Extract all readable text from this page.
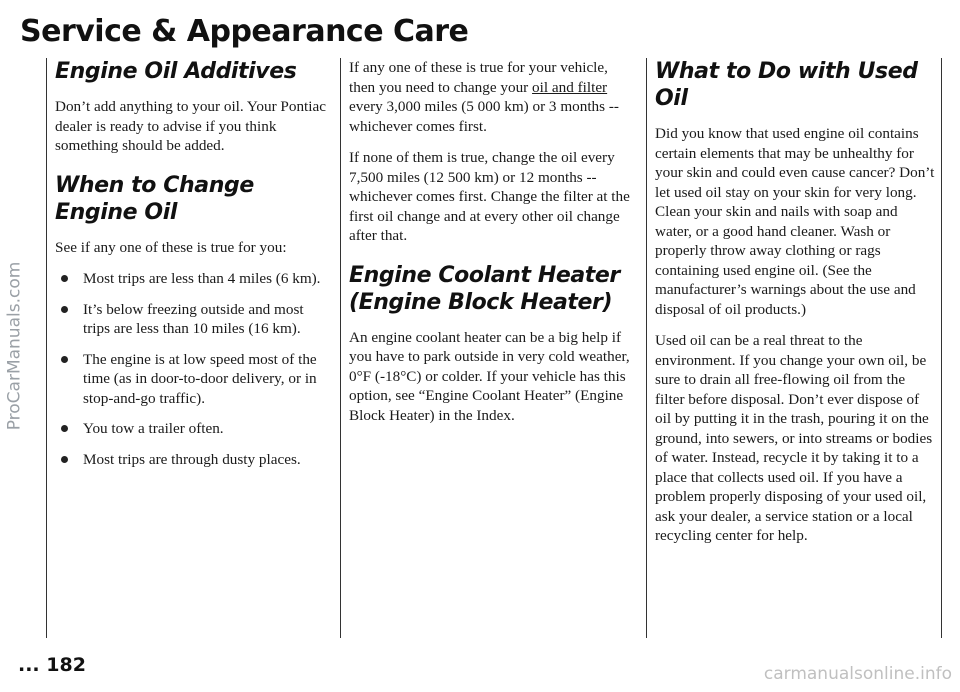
ProCarManuals.com
Service & Appearance Care
Engine Oil Additives

Don’t add anything to your oil. Your Pontiac dealer is ready to advise if you think something should be added.

When to Change Engine Oil

See if any one of these is true for you:

Most trips are less than 4 miles (6 km).
It’s below freezing outside and most trips are less than 10 miles (16 km).
The engine is at low speed most of the time (as in door-to-door delivery, or in stop-and-go traffic).
You tow a trailer often.
Most trips are through dusty places.

If any one of these is true for your vehicle, then you need to change your oil and filter every 3,000 miles (5 000 km) or 3 months -- whichever comes first.

If none of them is true, change the oil every 7,500 miles (12 500 km) or 12 months -- whichever comes first. Change the filter at the first oil change and at every other oil change after that.

Engine Coolant Heater (Engine Block Heater)

An engine coolant heater can be a big help if you have to park outside in very cold weather, 0°F (-18°C) or colder. If your vehicle has this option, see “Engine Coolant Heater” (Engine Block Heater) in the Index.

What to Do with Used Oil

Did you know that used engine oil contains certain elements that may be unhealthy for your skin and could even cause cancer? Don’t let used oil stay on your skin for very long. Clean your skin and nails with soap and water, or a good hand cleaner. Wash or properly throw away clothing or rags containing used engine oil. (See the manufacturer’s warnings about the use and disposal of oil products.)

Used oil can be a real threat to the environment. If you change your own oil, be sure to drain all free-flowing oil from the filter before disposal. Don’t ever dispose of oil by putting it in the trash, pouring it on the ground, into sewers, or into streams or bodies of water. Instead, recycle it by taking it to a place that collects used oil. If you have a problem properly disposing of your used oil, ask your dealer, a service station or a local recycling center for help.

... 182	carmanualsonline.info
